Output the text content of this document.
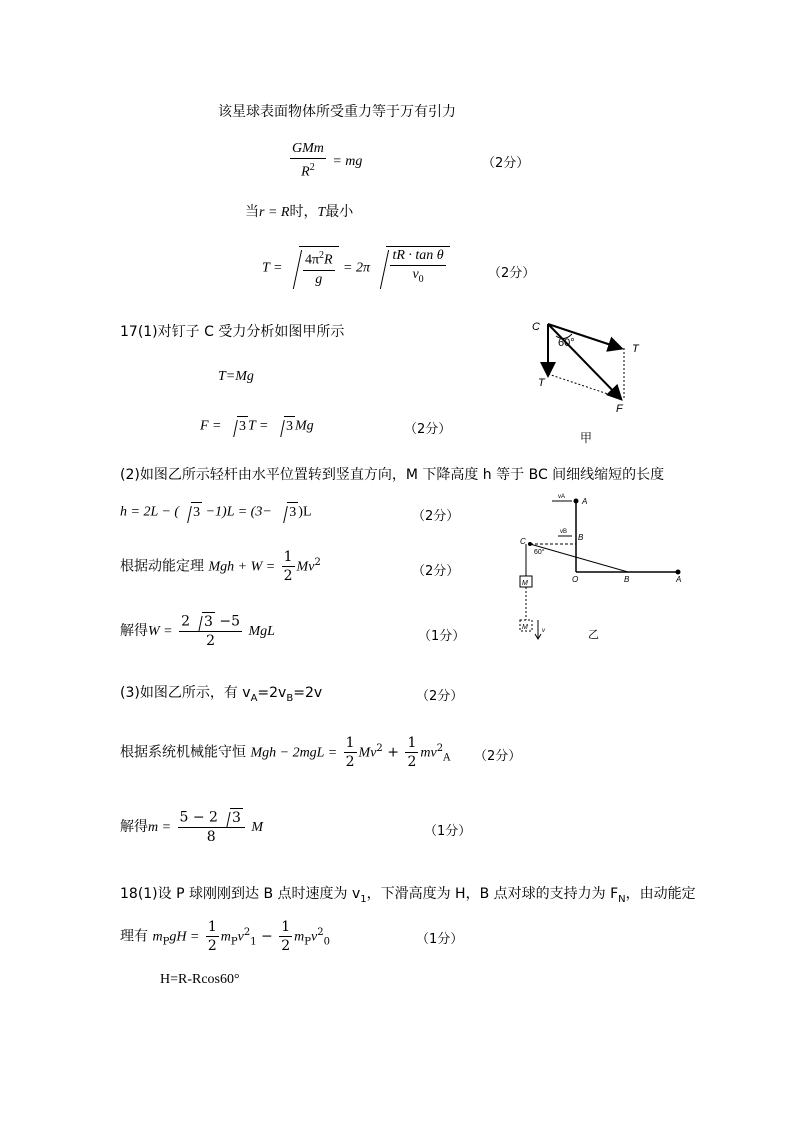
该星球表面物体所受重力等于万有引力
$\frac{\text{GMm}}{R^2}$ = mg	（2分）
当r = R时，T最小
$T = \frac{4\pi^2R}{g} = 2\pi \frac{\text{tR · tan θ}}{v_0}$	（2分）
17(1)对钉子 C 受力分析如图甲所示
T=Mg
F = 3 T = 3 Mg	（2分）
C
60°	T
T
F
甲
(2)如图乙所示轻杆由水平位置转到竖直方向，M 下降高度 h 等于 BC 间细线缩短的长度
h = 2L − ( 3 −1)L = (3− 3 )L	（2分）
根据动能定理 Mgh + $W = \frac{1}{2} Mv^2$
（2分）
解得$W = \frac{2 3 -5}{2}$ MgL	（1分）
vA A
vB
B
C
60°
O	B	A
M
M v	乙
(3)如图乙所示，有 $v_A=2v_B=2v$	（2分）
根据系统机械能守恒 Mgh − $2mgL = \frac{1}{2} Mv^2 + \frac{1}{2} mv^2_A$ （2分）
解得$m = \frac{5 - 2 3}{8}$ M	（1分）
18(1)设 P 球刚刚到达 B 点时速度为 $v_1$，下滑高度为 H，B 点对球的支持力为 $F_N$，由动能定
理有 $m_PgH = \frac{1}{2} m_Pv^2_1 - \frac{1}{2} m_Pv^2_0$	（1分）
H=R-Rcos60°
